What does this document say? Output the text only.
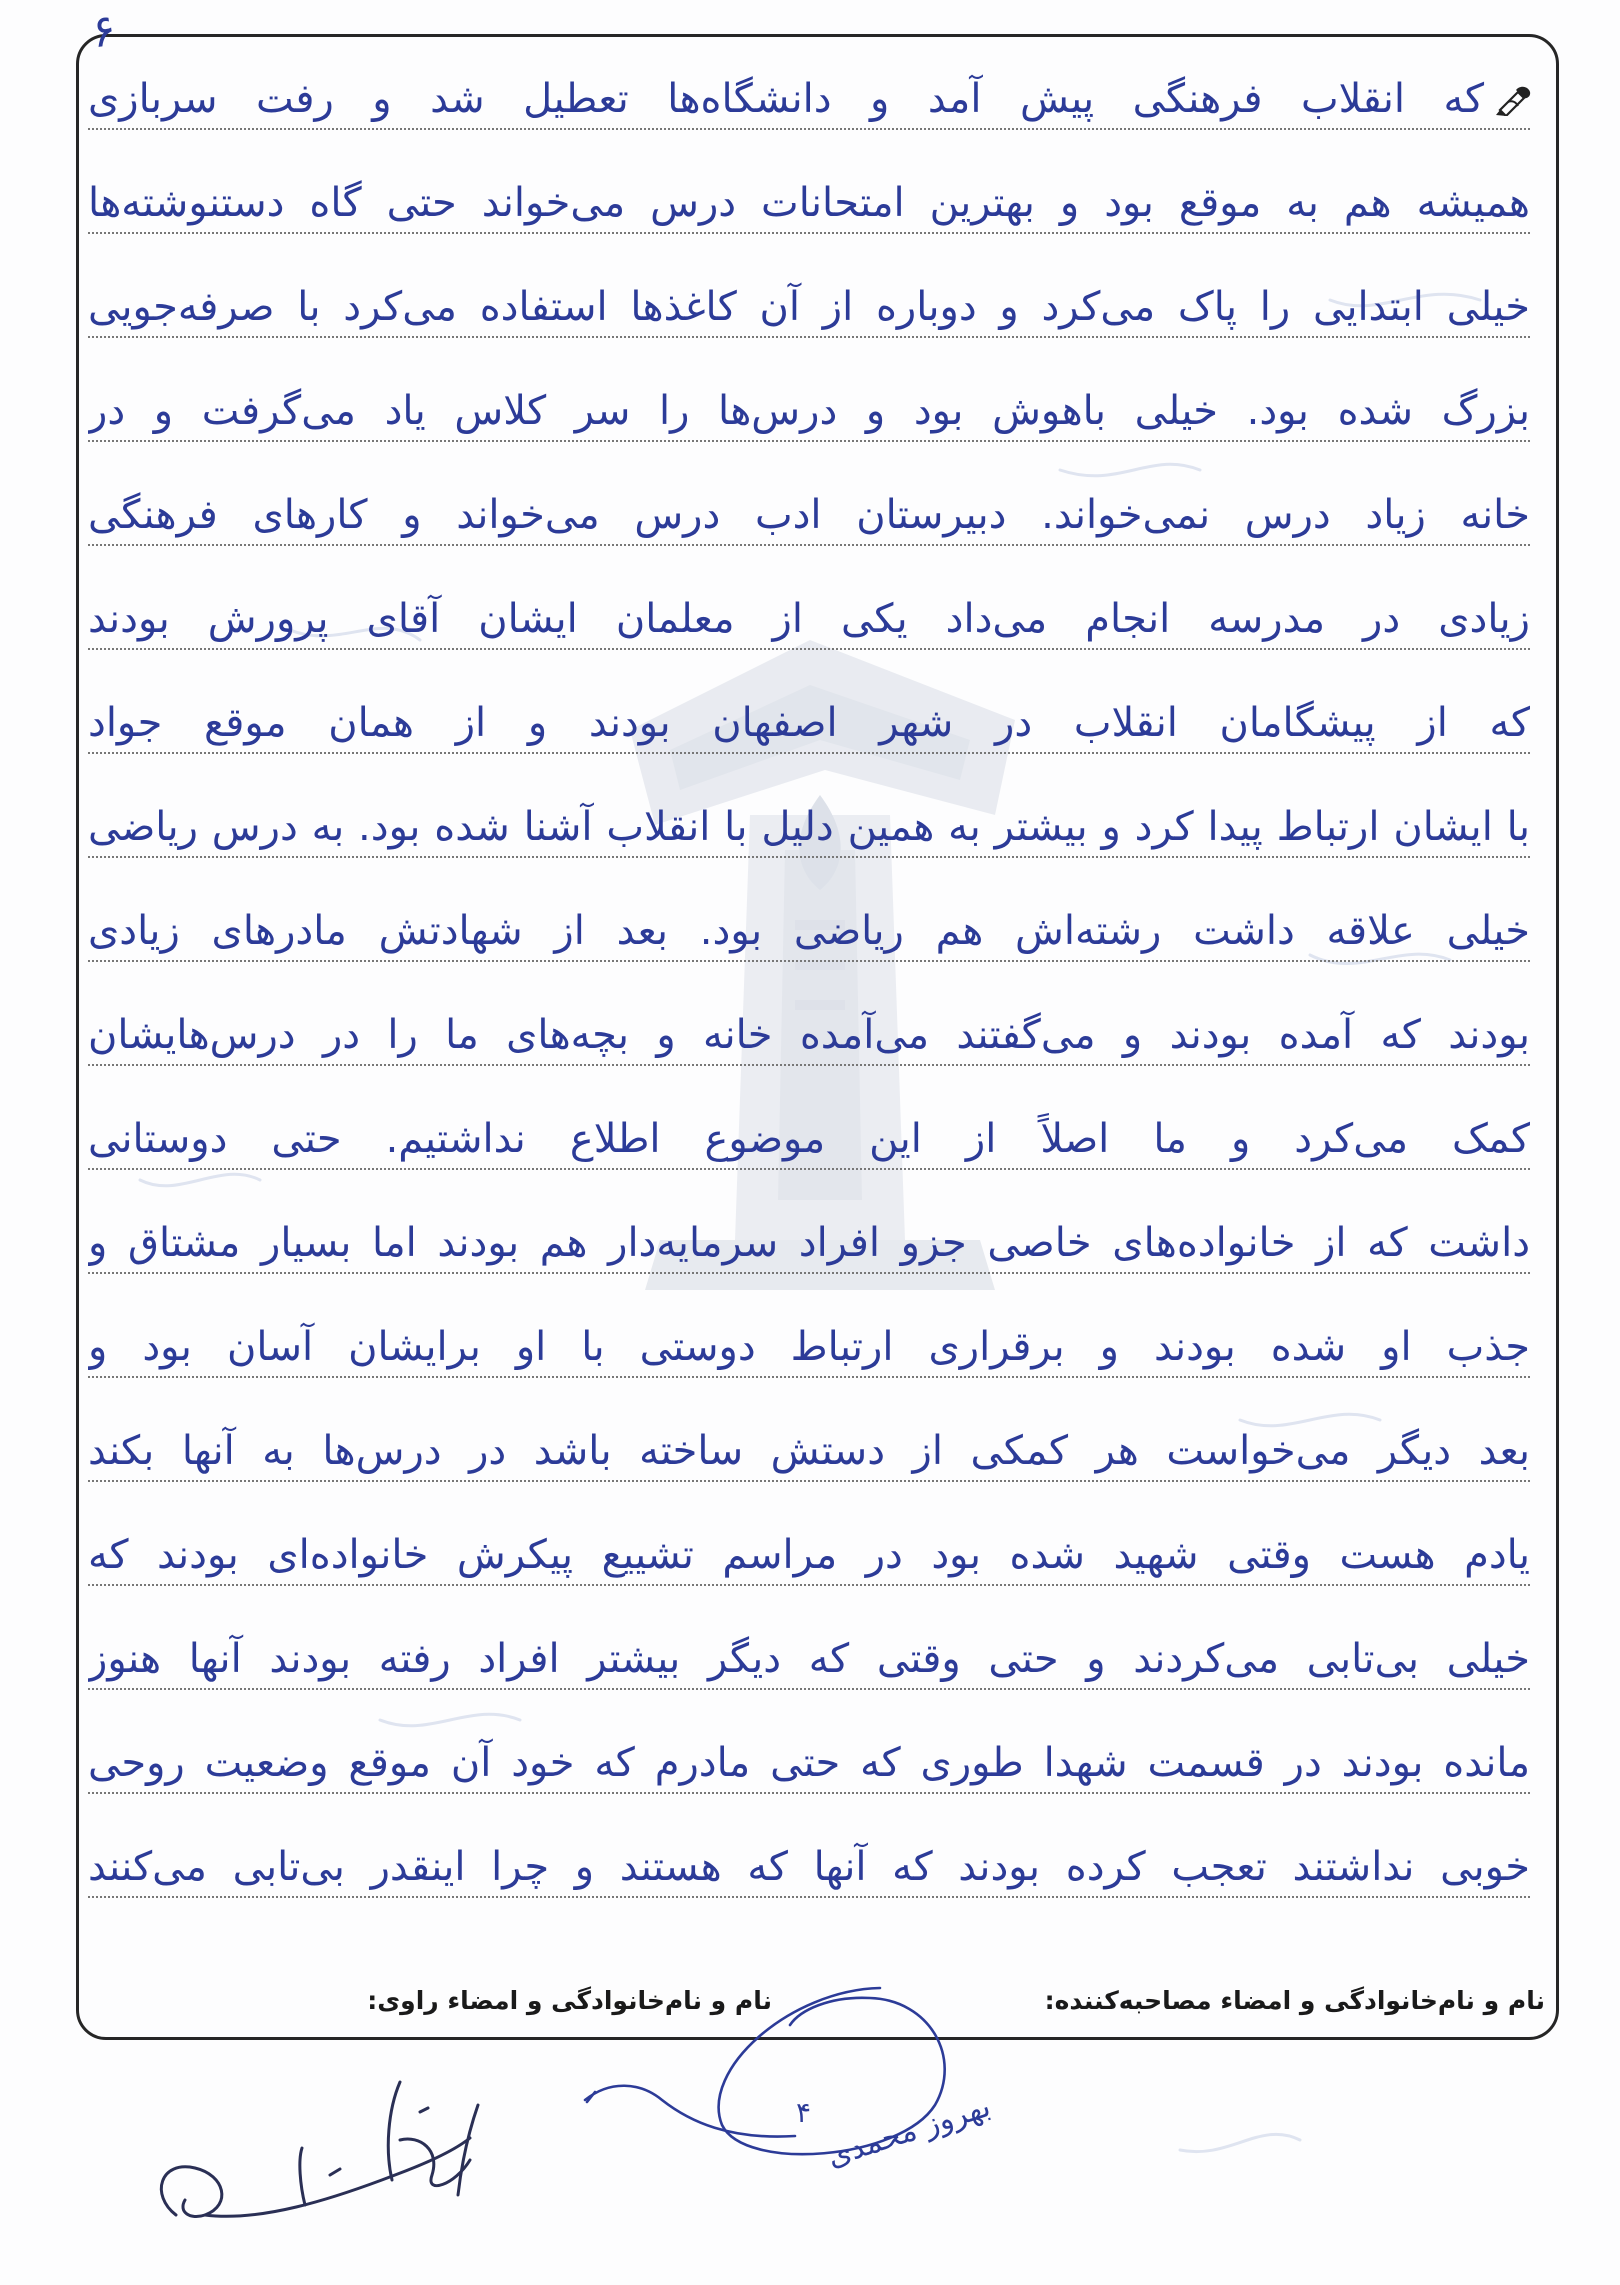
۶
که انقلاب فرهنگی پیش آمد و دانشگاه‌ها تعطیل شد و رفت سربازی
همیشه هم به موقع بود و بهترین امتحانات درس می‌خواند حتی گاه دستنوشته‌ها
خیلی ابتدایی را پاک می‌کرد و دوباره از آن کاغذها استفاده می‌کرد با صرفه‌جویی
بزرگ شده بود. خیلی باهوش بود و درس‌ها را سر کلاس یاد می‌گرفت و در
خانه زیاد درس نمی‌خواند. دبیرستان ادب درس می‌خواند و کارهای فرهنگی
زیادی در مدرسه انجام می‌داد یکی از معلمان ایشان آقای پرورش بودند
که از پیشگامان انقلاب در شهر اصفهان بودند و از همان موقع جواد
با ایشان ارتباط پیدا کرد و بیشتر به همین دلیل با انقلاب آشنا شده بود. به درس ریاضی
خیلی علاقه داشت رشته‌اش هم ریاضی بود. بعد از شهادتش مادرهای زیادی
بودند که آمده بودند و می‌گفتند می‌آمده خانه و بچه‌های ما را در درس‌هایشان
کمک می‌کرد و ما اصلاً از این موضوع اطلاع نداشتیم. حتی دوستانی
داشت که از خانواده‌های خاصی جزو افراد سرمایه‌دار هم بودند اما بسیار مشتاق و
جذب او شده بودند و برقراری ارتباط دوستی با او برایشان آسان بود و
بعد دیگر می‌خواست هر کمکی از دستش ساخته باشد در درس‌ها به آنها بکند
یادم هست وقتی شهید شده بود در مراسم تشییع پیکرش خانواده‌ای بودند که
خیلی بی‌تابی می‌کردند و حتی وقتی که دیگر بیشتر افراد رفته بودند آنها هنوز
مانده بودند در قسمت شهدا طوری که حتی مادرم که خود آن موقع وضعیت روحی
خوبی نداشتند تعجب کرده بودند که آنها که هستند و چرا اینقدر بی‌تابی می‌کنند
نام و نام‌خانوادگی و امضاء مصاحبه‌کننده:
نام و نام‌خانوادگی و امضاء راوی:
۴ بهروز محمدی
